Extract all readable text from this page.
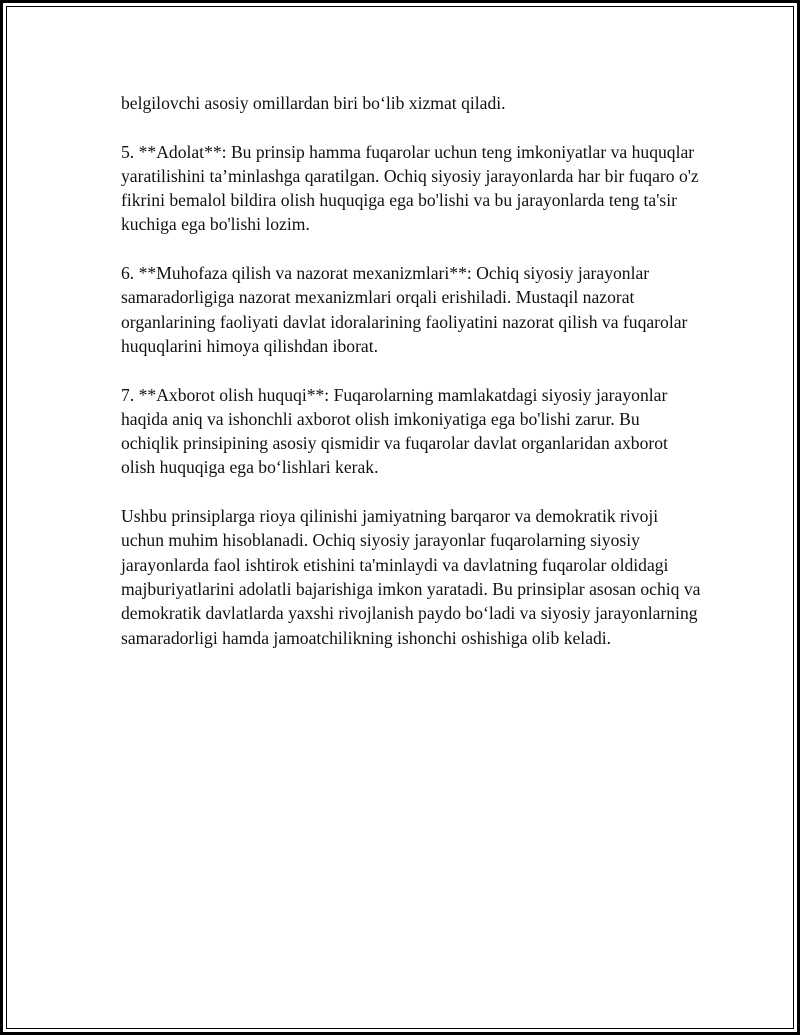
belgilovchi asosiy omillardan biri bo‘lib xizmat qiladi.

5. **Adolat**: Bu prinsip hamma fuqarolar uchun teng imkoniyatlar va huquqlar yaratilishini ta’minlashga qaratilgan. Ochiq siyosiy jarayonlarda har bir fuqaro o'z fikrini bemalol bildira olish huquqiga ega bo'lishi va bu jarayonlarda teng ta'sir kuchiga ega bo'lishi lozim.

6. **Muhofaza qilish va nazorat mexanizmlari**: Ochiq siyosiy jarayonlar samaradorligiga nazorat mexanizmlari orqali erishiladi. Mustaqil nazorat organlarining faoliyati davlat idoralarining faoliyatini nazorat qilish va fuqarolar huquqlarini himoya qilishdan iborat.

7. **Axborot olish huquqi**: Fuqarolarning mamlakatdagi siyosiy jarayonlar haqida aniq va ishonchli axborot olish imkoniyatiga ega bo'lishi zarur. Bu ochiqlik prinsipining asosiy qismidir va fuqarolar davlat organlaridan axborot olish huquqiga ega bo‘lishlari kerak.

Ushbu prinsiplarga rioya qilinishi jamiyatning barqaror va demokratik rivoji uchun muhim hisoblanadi. Ochiq siyosiy jarayonlar fuqarolarning siyosiy jarayonlarda faol ishtirok etishini ta'minlaydi va davlatning fuqarolar oldidagi majburiyatlarini adolatli bajarishiga imkon yaratadi. Bu prinsiplar asosan ochiq va demokratik davlatlarda yaxshi rivojlanish paydo bo‘ladi va siyosiy jarayonlarning samaradorligi hamda jamoatchilikning ishonchi oshishiga olib keladi.
